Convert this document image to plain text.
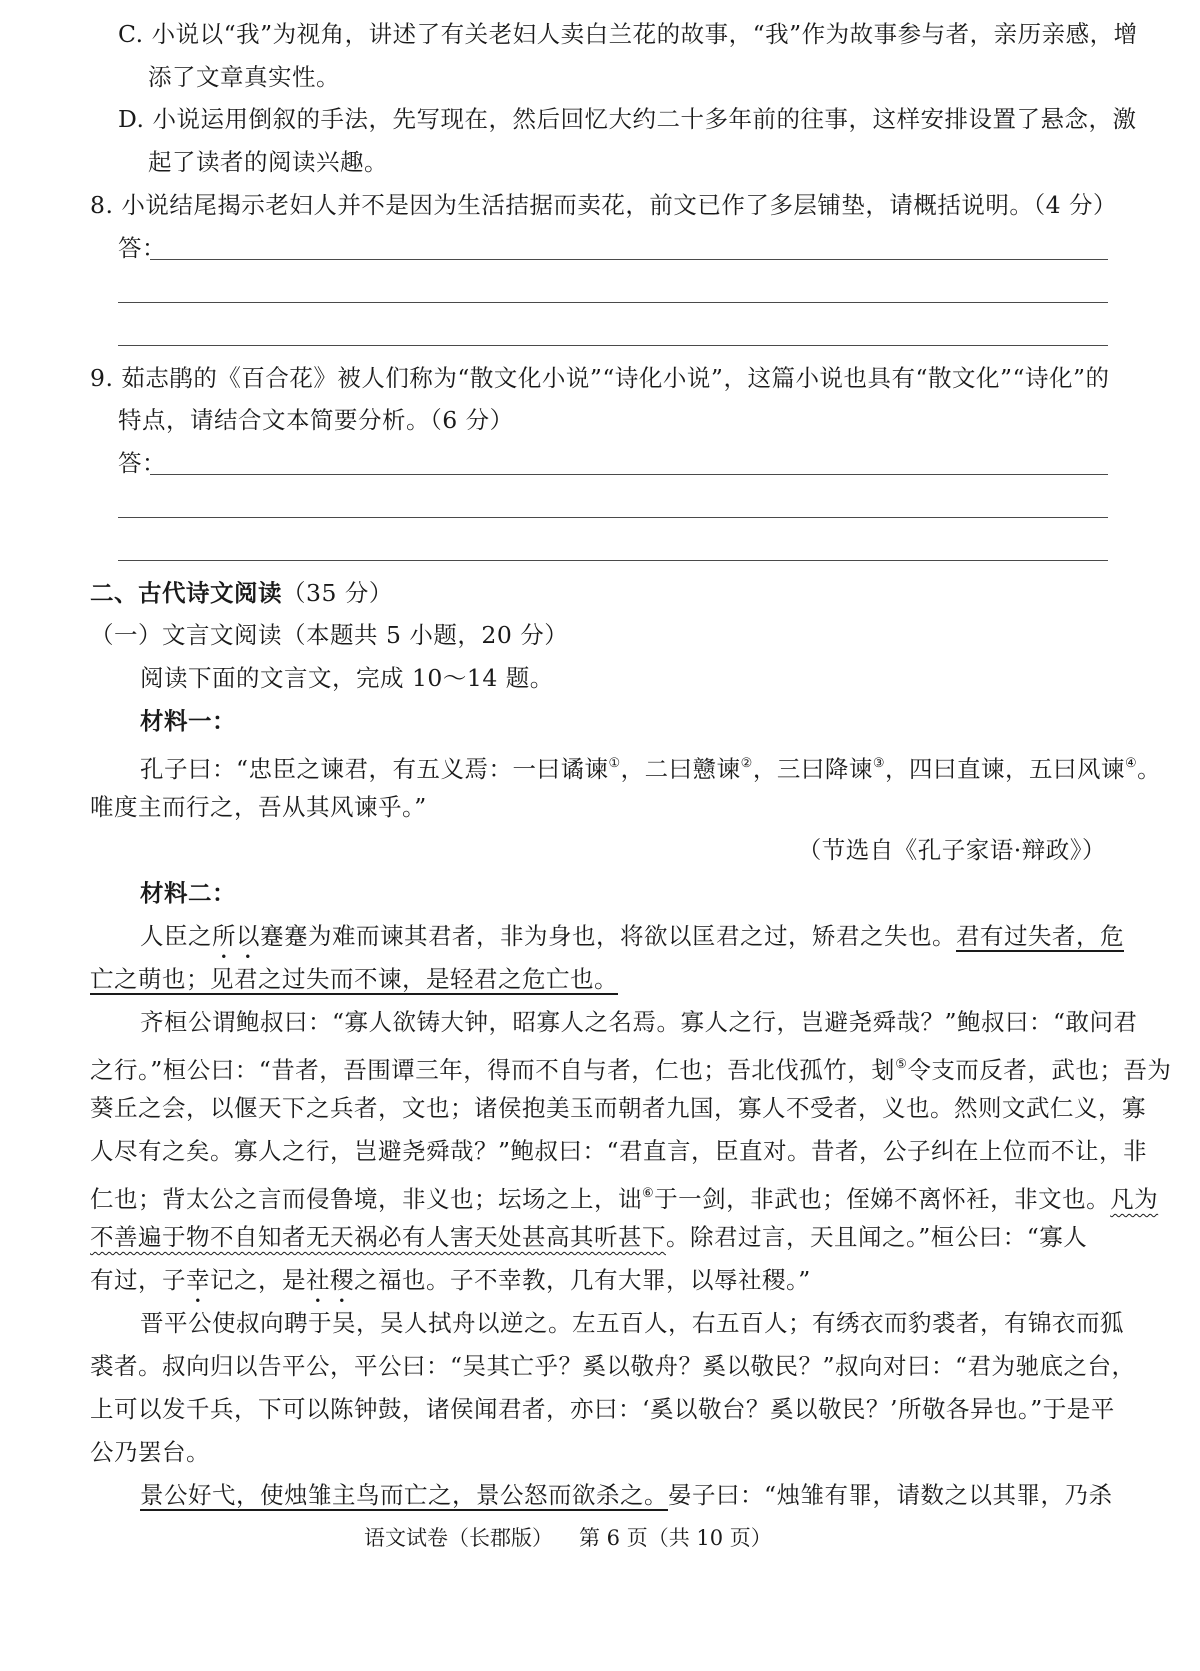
C. 小说以“我”为视角，讲述了有关老妇人卖白兰花的故事，“我”作为故事参与者，亲历亲感，增
添了文章真实性。
D. 小说运用倒叙的手法，先写现在，然后回忆大约二十多年前的往事，这样安排设置了悬念，激
起了读者的阅读兴趣。
8. 小说结尾揭示老妇人并不是因为生活拮据而卖花，前文已作了多层铺垫，请概括说明。（4 分）
答：
9. 茹志鹃的《百合花》被人们称为“散文化小说”“诗化小说”，这篇小说也具有“散文化”“诗化”的
特点，请结合文本简要分析。（6 分）
答：
二、古代诗文阅读（35 分）
（一）文言文阅读（本题共 5 小题，20 分）
阅读下面的文言文，完成 10～14 题。
材料一：
孔子曰：“忠臣之谏君，有五义焉：一曰谲谏①，二曰戆谏②，三曰降谏③，四曰直谏，五曰风谏④。
唯度主而行之，吾从其风谏乎。”
（节选自《孔子家语·辩政》）
材料二：
人臣之所以蹇蹇为难而谏其君者，非为身也，将欲以匡君之过，矫君之失也。君有过失者，危
亡之萌也；见君之过失而不谏，是轻君之危亡也。
齐桓公谓鲍叔曰：“寡人欲铸大钟，昭寡人之名焉。寡人之行，岂避尧舜哉？”鲍叔曰：“敢问君
之行。”桓公曰：“昔者，吾围谭三年，得而不自与者，仁也；吾北伐孤竹，刬⑤令支而反者，武也；吾为
葵丘之会，以偃天下之兵者，文也；诸侯抱美玉而朝者九国，寡人不受者，义也。然则文武仁义，寡
人尽有之矣。寡人之行，岂避尧舜哉？”鲍叔曰：“君直言，臣直对。昔者，公子纠在上位而不让，非
仁也；背太公之言而侵鲁境，非义也；坛场之上，诎⑥于一剑，非武也；侄娣不离怀衽，非文也。凡为
不善遍于物不自知者无天祸必有人害天处甚高其听甚下。除君过言，天且闻之。”桓公曰：“寡人
有过，子幸记之，是社稷之福也。子不幸教，几有大罪，以辱社稷。”
晋平公使叔向聘于吴，吴人拭舟以逆之。左五百人，右五百人；有绣衣而豹裘者，有锦衣而狐
裘者。叔向归以告平公，平公曰：“吴其亡乎？奚以敬舟？奚以敬民？”叔向对曰：“君为驰底之台，
上可以发千兵，下可以陈钟鼓，诸侯闻君者，亦曰：‘奚以敬台？奚以敬民？’所敬各异也。”于是平
公乃罢台。
景公好弋，使烛雏主鸟而亡之，景公怒而欲杀之。晏子曰：“烛雏有罪，请数之以其罪，乃杀
语文试卷（长郡版） 第 6 页（共 10 页）
